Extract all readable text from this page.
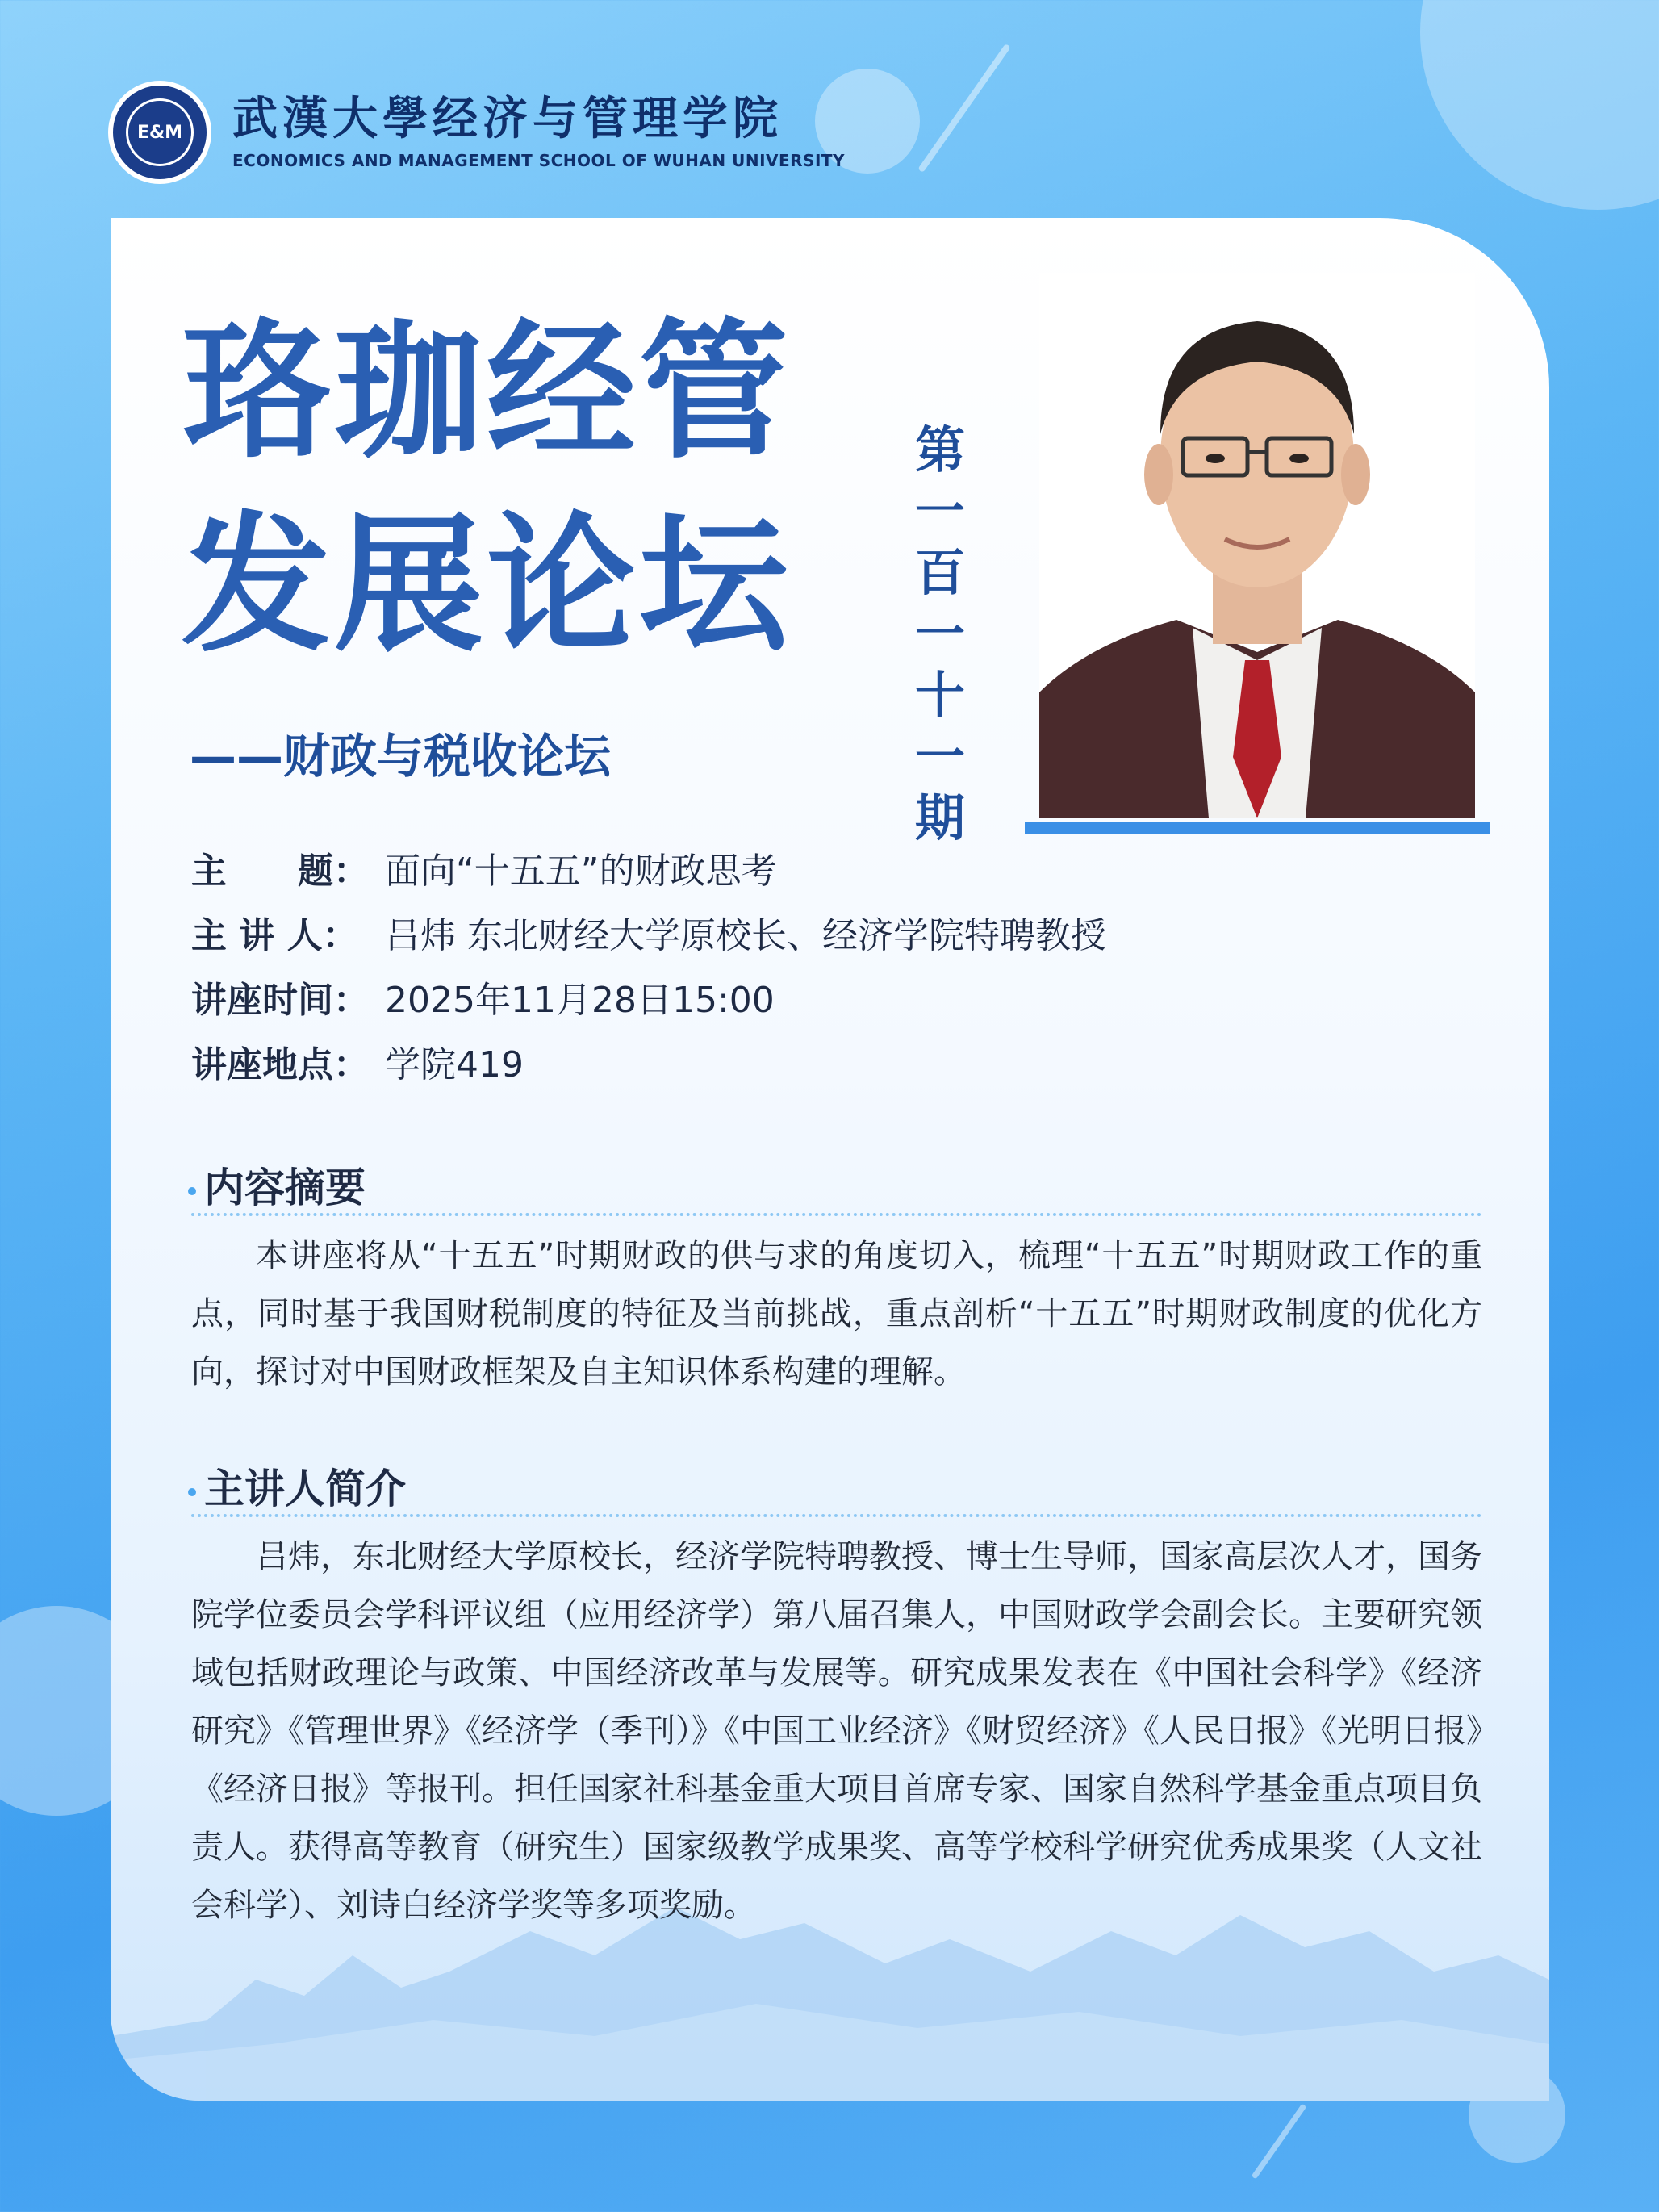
E&M 武漢大學经济与管理学院
ECONOMICS AND MANAGEMENT SCHOOL OF WUHAN UNIVERSITY
珞珈经管
发展论坛
——财政与税收论坛
第
一
百
一
十
一
期
主　　题： 面向“十五五”的财政思考
主 讲 人： 吕炜 东北财经大学原校长、经济学院特聘教授
讲座时间： 2025年11月28日15:00
讲座地点： 学院419
内容摘要
本讲座将从“十五五”时期财政的供与求的角度切入，梳理“十五五”时期财政工作的重点，同时基于我国财税制度的特征及当前挑战，重点剖析“十五五”时期财政制度的优化方向，探讨对中国财政框架及自主知识体系构建的理解。
主讲人简介
吕炜，东北财经大学原校长，经济学院特聘教授、博士生导师，国家高层次人才，国务院学位委员会学科评议组（应用经济学）第八届召集人，中国财政学会副会长。主要研究领域包括财政理论与政策、中国经济改革与发展等。研究成果发表在《中国社会科学》《经济研究》《管理世界》《经济学（季刊）》《中国工业经济》《财贸经济》《人民日报》《光明日报》《经济日报》等报刊。担任国家社科基金重大项目首席专家、国家自然科学基金重点项目负责人。获得高等教育（研究生）国家级教学成果奖、高等学校科学研究优秀成果奖（人文社会科学）、刘诗白经济学奖等多项奖励。
